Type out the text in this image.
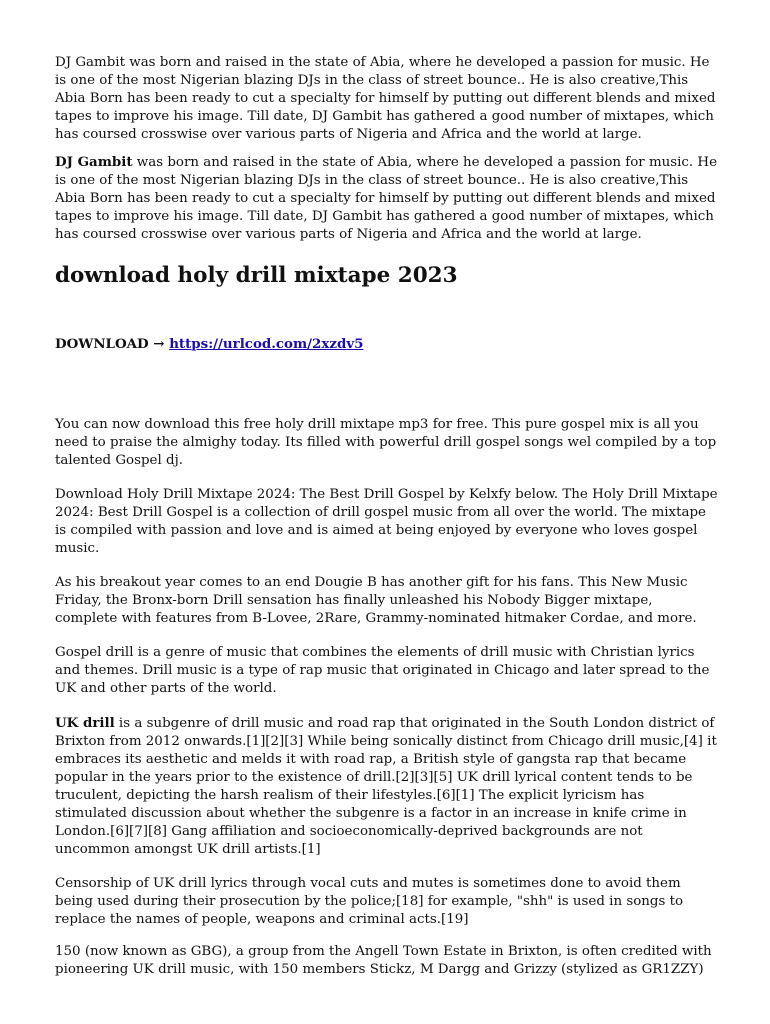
DJ Gambit was born and raised in the state of Abia, where he developed a passion for music. He is one of the most Nigerian blazing DJs in the class of street bounce.. He is also creative,This Abia Born has been ready to cut a specialty for himself by putting out different blends and mixed tapes to improve his image. Till date, DJ Gambit has gathered a good number of mixtapes, which has coursed crosswise over various parts of Nigeria and Africa and the world at large.

DJ Gambit was born and raised in the state of Abia, where he developed a passion for music. He is one of the most Nigerian blazing DJs in the class of street bounce.. He is also creative,This Abia Born has been ready to cut a specialty for himself by putting out different blends and mixed tapes to improve his image. Till date, DJ Gambit has gathered a good number of mixtapes, which has coursed crosswise over various parts of Nigeria and Africa and the world at large.

download holy drill mixtape 2023
DOWNLOAD → https://urlcod.com/2xzdv5

You can now download this free holy drill mixtape mp3 for free. This pure gospel mix is all you need to praise the almighy today. Its filled with powerful drill gospel songs wel compiled by a top talented Gospel dj.

Download Holy Drill Mixtape 2024: The Best Drill Gospel by Kelxfy below. The Holy Drill Mixtape 2024: Best Drill Gospel is a collection of drill gospel music from all over the world. The mixtape is compiled with passion and love and is aimed at being enjoyed by everyone who loves gospel music.

As his breakout year comes to an end Dougie B has another gift for his fans. This New Music Friday, the Bronx-born Drill sensation has finally unleashed his Nobody Bigger mixtape, complete with features from B-Lovee, 2Rare, Grammy-nominated hitmaker Cordae, and more.

Gospel drill is a genre of music that combines the elements of drill music with Christian lyrics and themes. Drill music is a type of rap music that originated in Chicago and later spread to the UK and other parts of the world.

UK drill is a subgenre of drill music and road rap that originated in the South London district of Brixton from 2012 onwards.[1][2][3] While being sonically distinct from Chicago drill music,[4] it embraces its aesthetic and melds it with road rap, a British style of gangsta rap that became popular in the years prior to the existence of drill.[2][3][5] UK drill lyrical content tends to be truculent, depicting the harsh realism of their lifestyles.[6][1] The explicit lyricism has stimulated discussion about whether the subgenre is a factor in an increase in knife crime in London.[6][7][8] Gang affiliation and socioeconomically-deprived backgrounds are not uncommon amongst UK drill artists.[1]

Censorship of UK drill lyrics through vocal cuts and mutes is sometimes done to avoid them being used during their prosecution by the police;[18] for example, "shh" is used in songs to replace the names of people, weapons and criminal acts.[19]

150 (now known as GBG), a group from the Angell Town Estate in Brixton, is often credited with pioneering UK drill music, with 150 members Stickz, M Dargg and Grizzy (stylized as GR1ZZY)
